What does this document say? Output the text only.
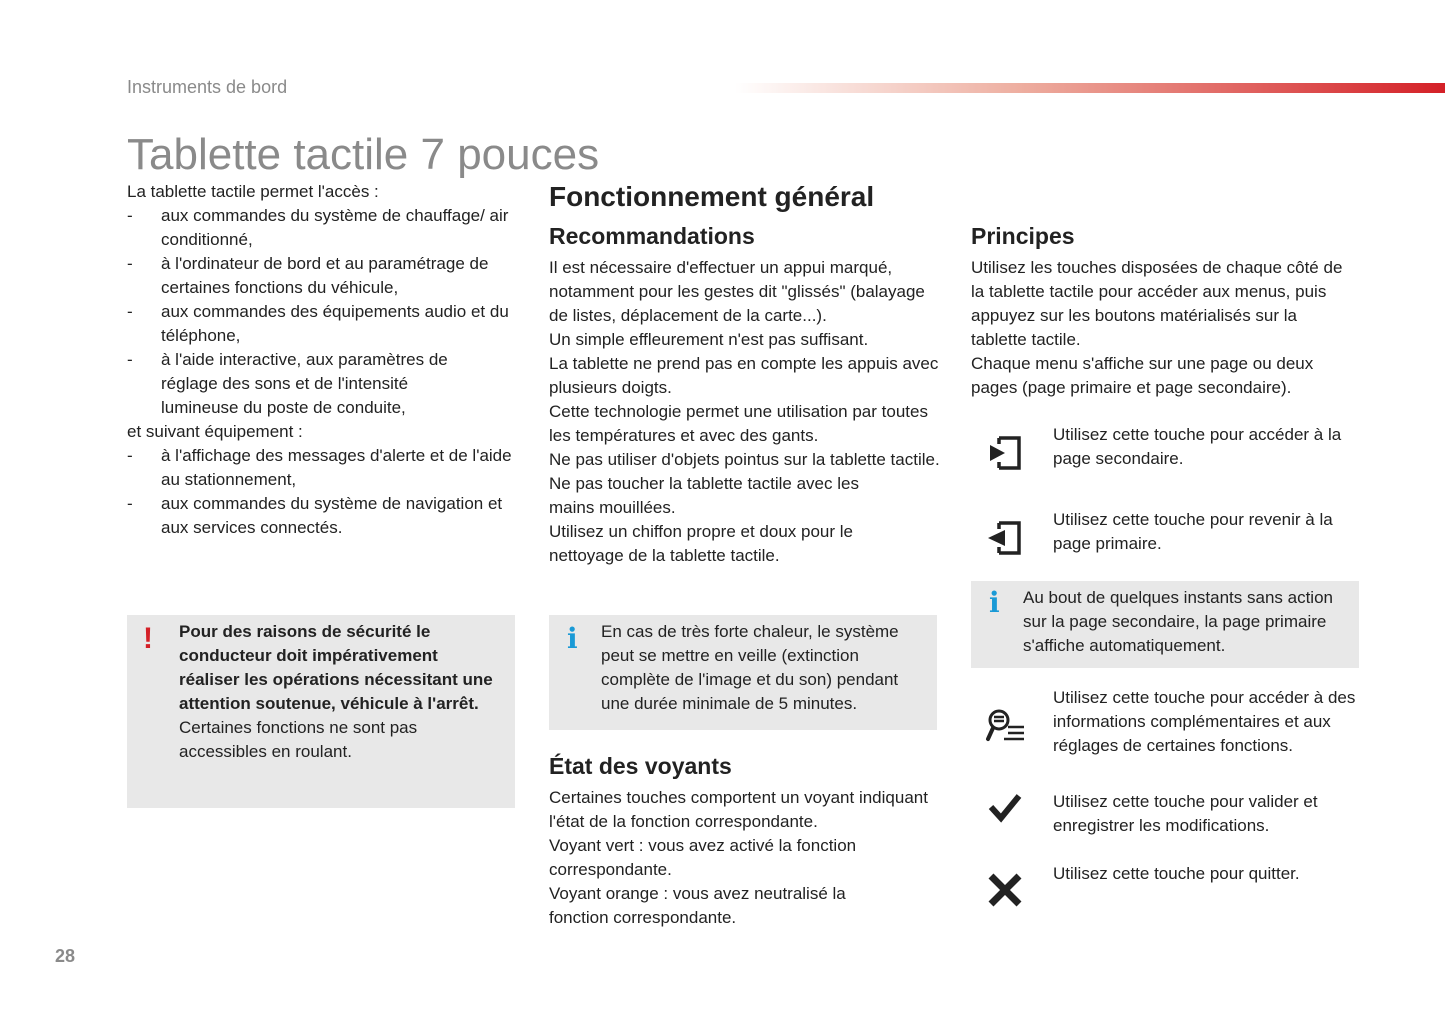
Instruments de bord
Tablette tactile 7 pouces

La tablette tactile permet l'accès :

- aux commandes du système de chauffage/ air conditionné,
- à l'ordinateur de bord et au paramétrage de certaines fonctions du véhicule,
- aux commandes des équipements audio et du téléphone,
- à l'aide interactive, aux paramètres de réglage des sons et de l'intensité lumineuse du poste de conduite,

et suivant équipement :

- à l'affichage des messages d'alerte et de l'aide au stationnement,
- aux commandes du système de navigation et aux services connectés.
! Pour des raisons de sécurité le conducteur doit impérativement réaliser les opérations nécessitant une attention soutenue, véhicule à l'arrêt.

Certaines fonctions ne sont pas accessibles en roulant.

Fonctionnement général
Recommandations

Il est nécessaire d'effectuer un appui marqué, notamment pour les gestes dit "glissés" (balayage de listes, déplacement de la carte...).

Un simple effleurement n'est pas suffisant.

La tablette ne prend pas en compte les appuis avec plusieurs doigts.

Cette technologie permet une utilisation par toutes les températures et avec des gants.

Ne pas utiliser d'objets pointus sur la tablette tactile.

Ne pas toucher la tablette tactile avec les mains mouillées.

Utilisez un chiffon propre et doux pour le nettoyage de la tablette tactile.

i En cas de très forte chaleur, le système peut se mettre en veille (extinction complète de l'image et du son) pendant une durée minimale de 5 minutes.

État des voyants

Certaines touches comportent un voyant indiquant l'état de la fonction correspondante.

Voyant vert : vous avez activé la fonction correspondante.

Voyant orange : vous avez neutralisé la fonction correspondante.

Principes

Utilisez les touches disposées de chaque côté de la tablette tactile pour accéder aux menus, puis appuyez sur les boutons matérialisés sur la tablette tactile.

Chaque menu s'affiche sur une page ou deux pages (page primaire et page secondaire).

Utilisez cette touche pour accéder à la page secondaire.

Utilisez cette touche pour revenir à la page primaire.

i Au bout de quelques instants sans action sur la page secondaire, la page primaire s'affiche automatiquement.

Utilisez cette touche pour accéder à des informations complémentaires et aux réglages de certaines fonctions.

Utilisez cette touche pour valider et enregistrer les modifications.

Utilisez cette touche pour quitter.

28
